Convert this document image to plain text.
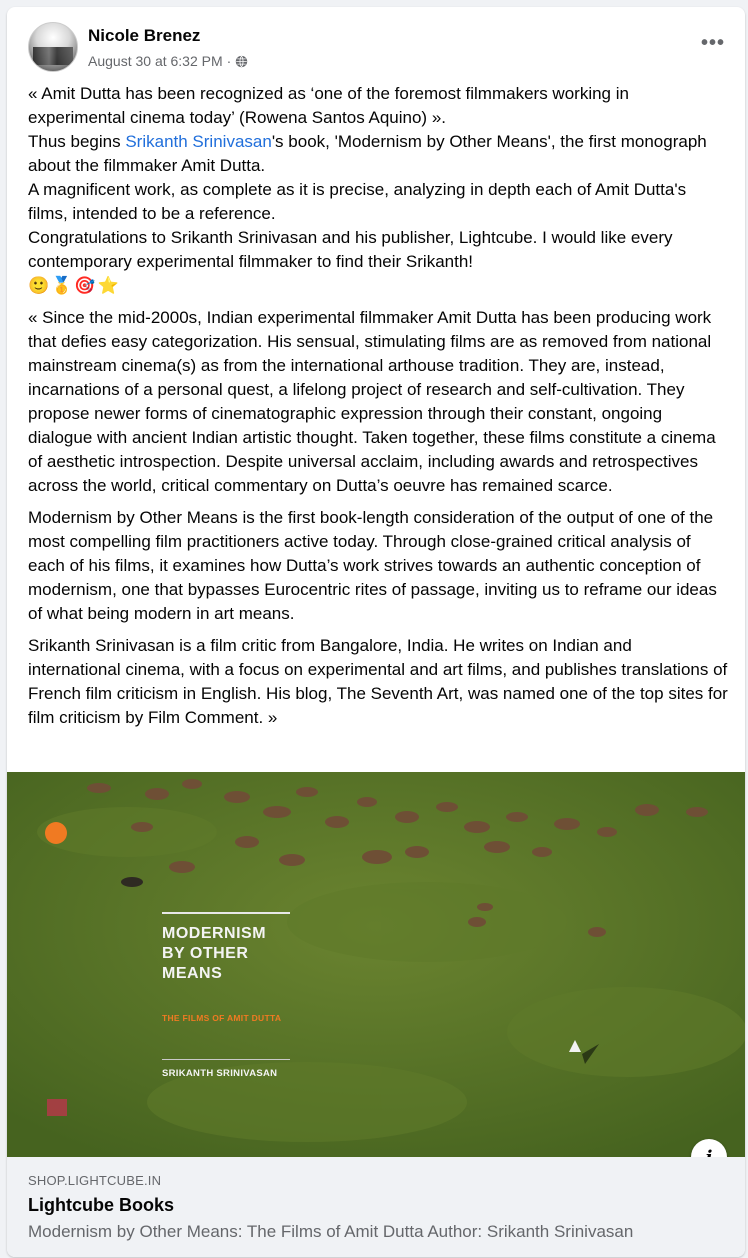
Nicole Brenez
August 30 at 6:32 PM ·
•••

« Amit Dutta has been recognized as ‘one of the foremost filmmakers working in experimental cinema today’ (Rowena Santos Aquino) ».
Thus begins Srikanth Srinivasan's book, 'Modernism by Other Means', the first monograph about the filmmaker Amit Dutta.
A magnificent work, as complete as it is precise, analyzing in depth each of Amit Dutta's films, intended to be a reference.
Congratulations to Srikanth Srinivasan and his publisher, Lightcube. I would like every contemporary experimental filmmaker to find their Srikanth!
🙂🥇🎯⭐

« Since the mid-2000s, Indian experimental filmmaker Amit Dutta has been producing work that defies easy categorization. His sensual, stimulating films are as removed from national mainstream cinema(s) as from the international arthouse tradition. They are, instead, incarnations of a personal quest, a lifelong project of research and self-cultivation. They propose newer forms of cinematographic expression through their constant, ongoing dialogue with ancient Indian artistic thought. Taken together, these films constitute a cinema of aesthetic introspection. Despite universal acclaim, including awards and retrospectives across the world, critical commentary on Dutta’s oeuvre has remained scarce.

Modernism by Other Means is the first book-length consideration of the output of one of the most compelling film practitioners active today. Through close-grained critical analysis of each of his films, it examines how Dutta’s work strives towards an authentic conception of modernism, one that bypasses Eurocentric rites of passage, inviting us to reframe our ideas of what being modern in art means.

Srikanth Srinivasan is a film critic from Bangalore, India. He writes on Indian and international cinema, with a focus on experimental and art films, and publishes translations of French film criticism in English. His blog, The Seventh Art, was named one of the top sites for film criticism by Film Comment. »

MODERNISM
BY OTHER
MEANS
THE FILMS OF AMIT DUTTA
SRIKANTH SRINIVASAN
SHOP.LIGHTCUBE.IN
Lightcube Books
Modernism by Other Means: The Films of Amit Dutta Author: Srikanth Srinivasan
